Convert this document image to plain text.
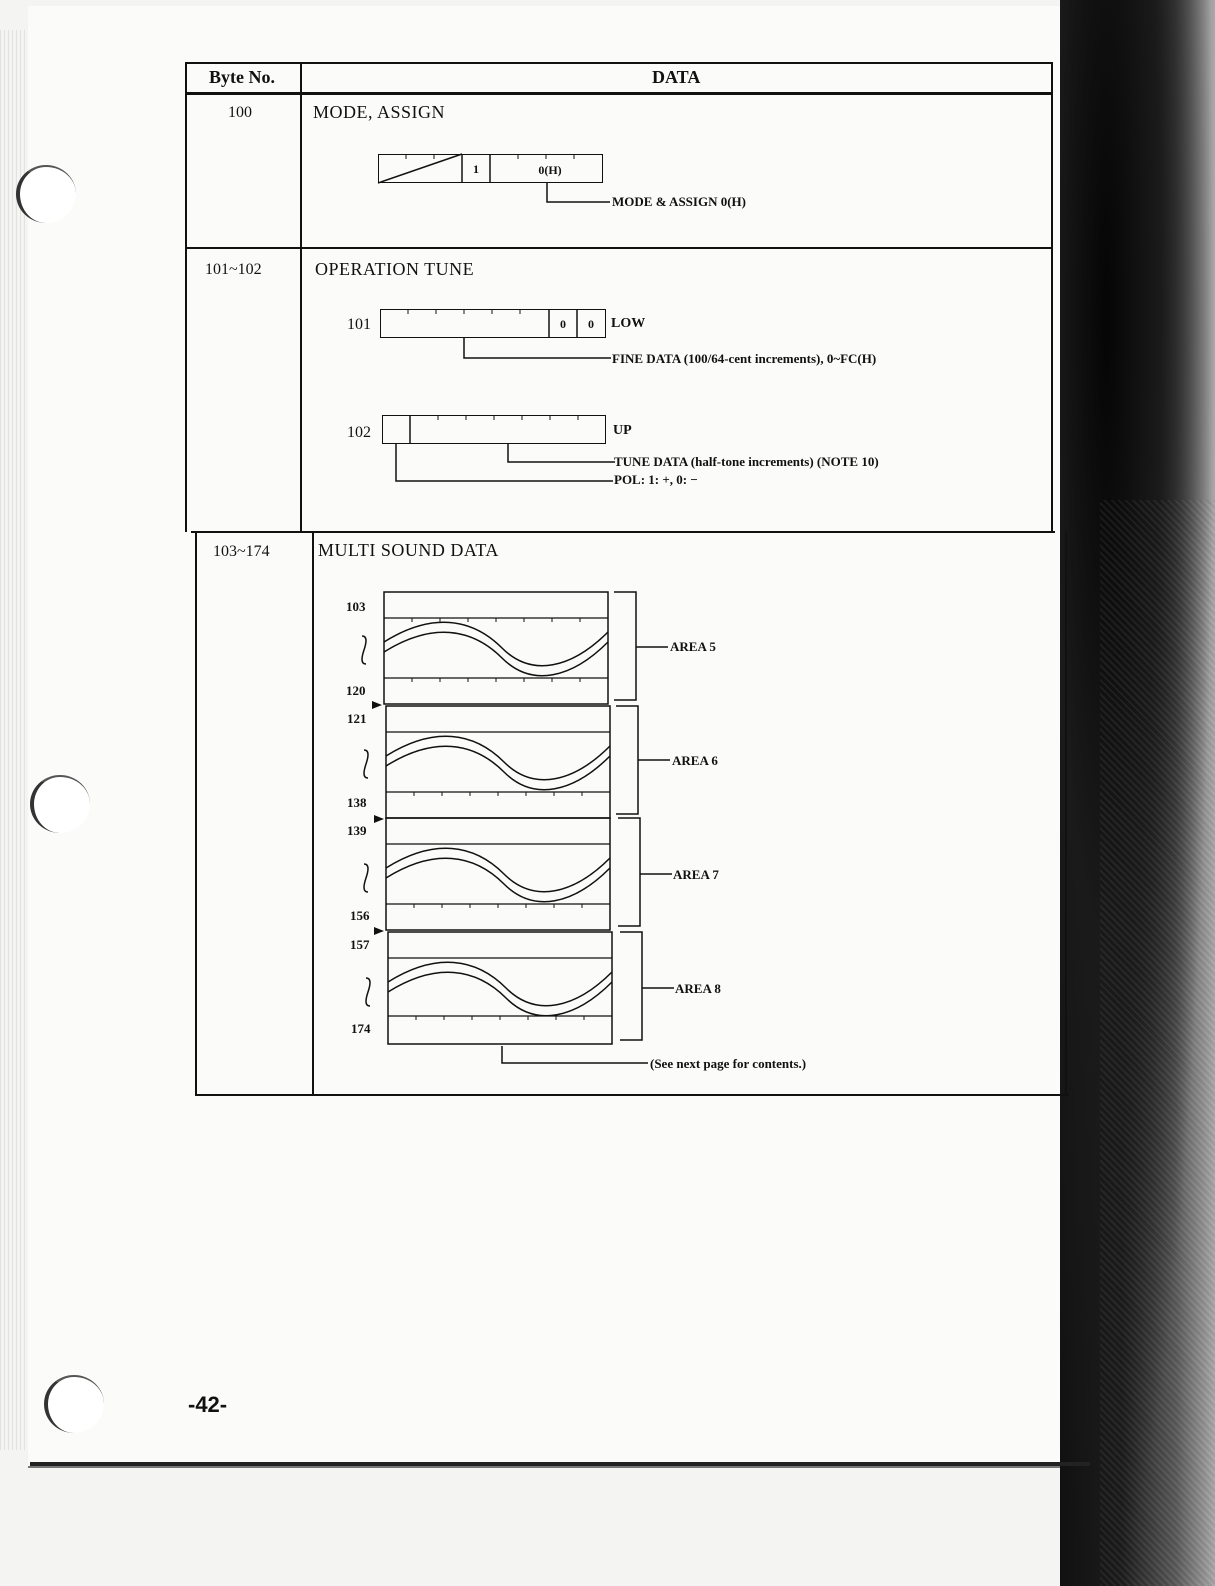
Byte No.	DATA
100	MODE, ASSIGN
1	0(H)
MODE & ASSIGN 0(H)
101~102	OPERATION TUNE
101	0	0	LOW
FINE DATA (100/64-cent increments), 0~FC(H)
102	UP
TUNE DATA (half-tone increments) (NOTE 10)
POL: 1: +, 0: −
103~174	MULTI SOUND DATA
103
120
121
138
139
156
157
174
AREA 5
AREA 6
AREA 7
AREA 8
(See next page for contents.)
-42-
